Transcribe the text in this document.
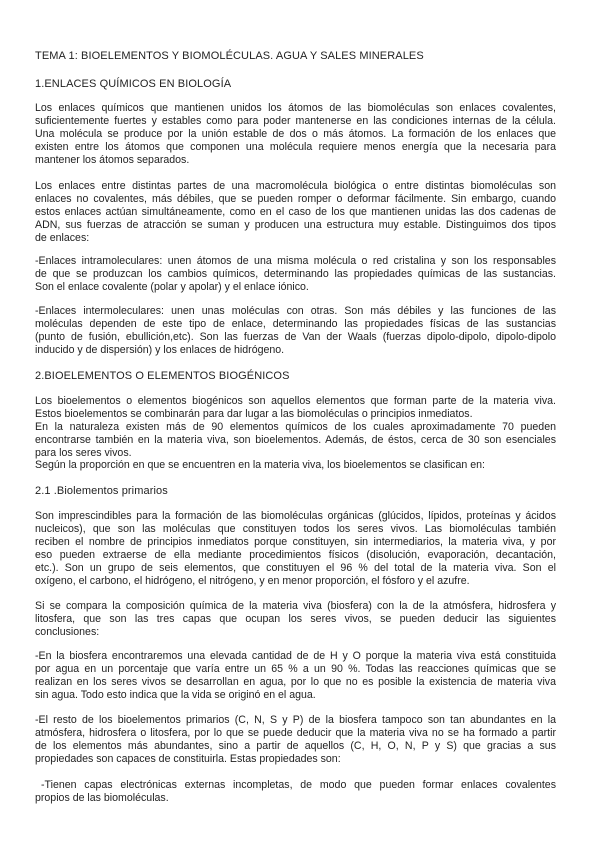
TEMA 1: BIOELEMENTOS Y BIOMOLÉCULAS. AGUA Y SALES MINERALES

1.ENLACES QUÍMICOS EN BIOLOGÍA

Los enlaces químicos que mantienen unidos los átomos de las biomoléculas son enlaces covalentes,

suficientemente fuertes y estables como para poder mantenerse en las condiciones internas de la célula.

Una molécula se produce por la unión estable de dos o más átomos. La formación de los enlaces que

existen entre los átomos que componen una molécula requiere menos energía que la necesaria para

mantener los átomos separados.

Los enlaces entre distintas partes de una macromolécula biológica o entre distintas biomoléculas son

enlaces no covalentes, más débiles, que se pueden romper o deformar fácilmente. Sin embargo, cuando

estos enlaces actúan simultáneamente, como en el caso de los que mantienen unidas las dos cadenas de

ADN, sus fuerzas de atracción se suman y producen una estructura muy estable. Distinguimos dos tipos

de enlaces:

-Enlaces intramoleculares: unen átomos de una misma molécula o red cristalina y son los responsables

de que se produzcan los cambios químicos, determinando las propiedades químicas de las sustancias.

Son el enlace covalente (polar y apolar) y el enlace iónico.

-Enlaces intermoleculares: unen unas moléculas con otras. Son más débiles y las funciones de las

moléculas dependen de este tipo de enlace, determinando las propiedades físicas de las sustancias

(punto de fusión, ebullición,etc). Son las fuerzas de Van der Waals (fuerzas dipolo-dipolo, dipolo-dipolo

inducido y de dispersión) y los enlaces de hidrógeno.

2.BIOELEMENTOS O ELEMENTOS BIOGÉNICOS

Los bioelementos o elementos biogénicos son aquellos elementos que forman parte de la materia viva.

Estos bioelementos se combinarán para dar lugar a las biomoléculas o principios inmediatos.

En la naturaleza existen más de 90 elementos químicos de los cuales aproximadamente 70 pueden

encontrarse también en la materia viva, son bioelementos. Además, de éstos, cerca de 30 son esenciales

para los seres vivos.

Según la proporción en que se encuentren en la materia viva, los bioelementos se clasifican en:

2.1 .Biolementos primarios

Son imprescindibles para la formación de las biomoléculas orgánicas (glúcidos, lípidos, proteínas y ácidos

nucleicos), que son las moléculas que constituyen todos los seres vivos. Las biomoléculas también

reciben el nombre de principios inmediatos porque constituyen, sin intermediarios, la materia viva, y por

eso pueden extraerse de ella mediante procedimientos físicos (disolución, evaporación, decantación,

etc.). Son un grupo de seis elementos, que constituyen el 96 % del total de la materia viva. Son el

oxígeno, el carbono, el hidrógeno, el nitrógeno, y en menor proporción, el fósforo y el azufre.

Si se compara la composición química de la materia viva (biosfera) con la de la atmósfera, hidrosfera y

litosfera, que son las tres capas que ocupan los seres vivos, se pueden deducir las siguientes

conclusiones:

-En la biosfera encontraremos una elevada cantidad de de H y O porque la materia viva está constituida

por agua en un porcentaje que varía entre un 65 % a un 90 %. Todas las reacciones químicas que se

realizan en los seres vivos se desarrollan en agua, por lo que no es posible la existencia de materia viva

sin agua. Todo esto indica que la vida se originó en el agua.

-El resto de los bioelementos primarios (C, N, S y P) de la biosfera tampoco son tan abundantes en la

atmósfera, hidrosfera o litosfera, por lo que se puede deducir que la materia viva no se ha formado a partir

de los elementos más abundantes, sino a partir de aquellos (C, H, O, N, P y S) que gracias a sus

propiedades son capaces de constituirla. Estas propiedades son:

-Tienen capas electrónicas externas incompletas, de modo que pueden formar enlaces covalentes

propios de las biomoléculas.
